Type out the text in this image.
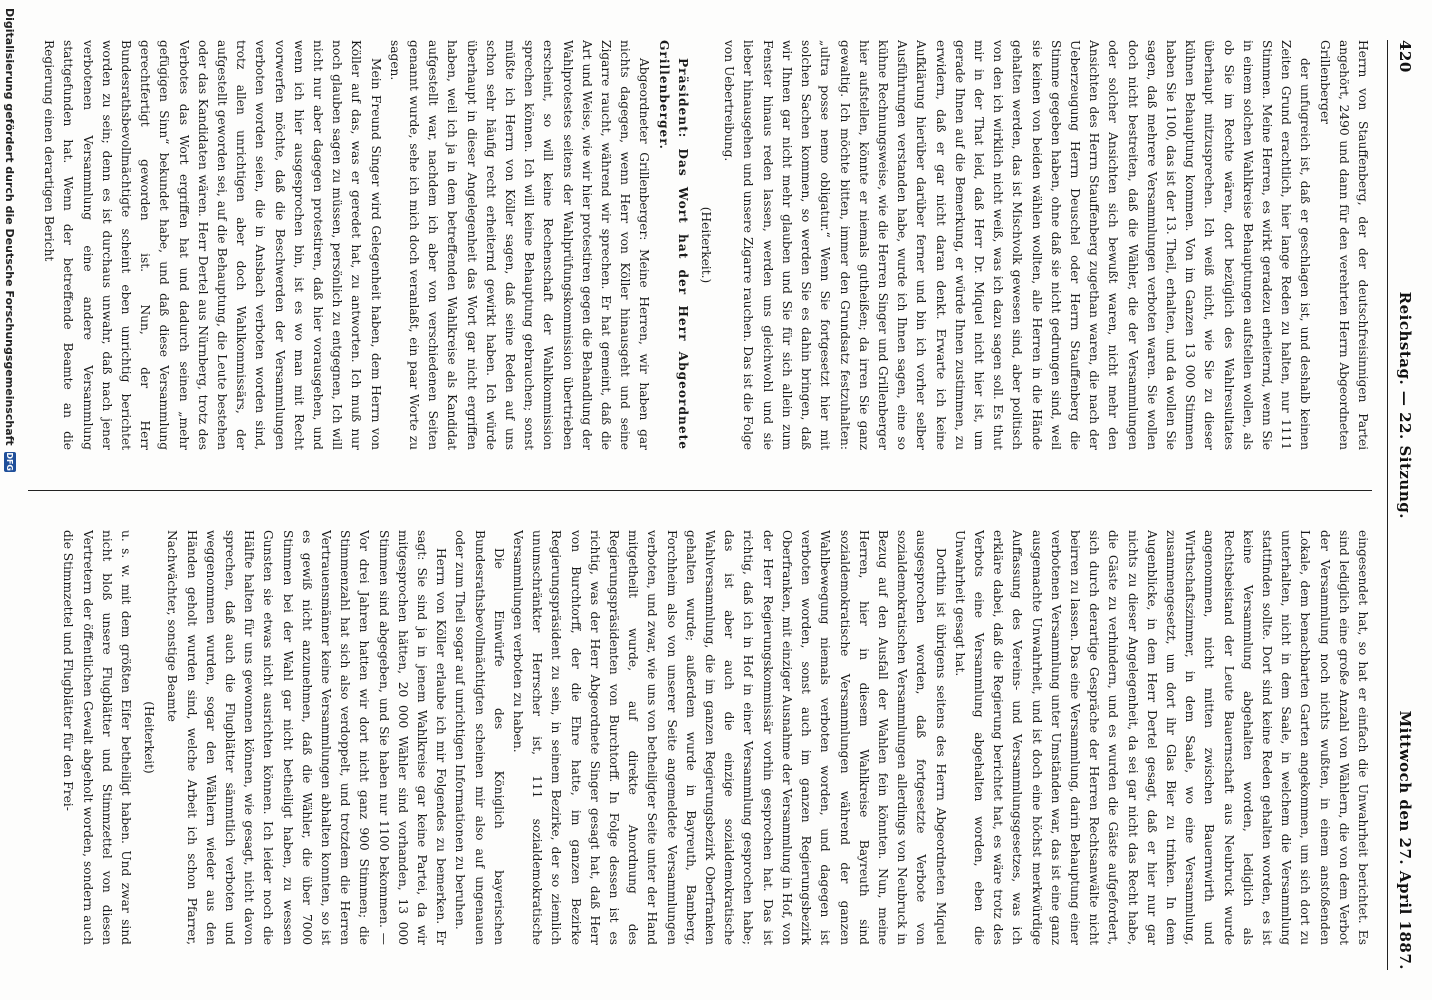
420
Reichstag. — 22. Sitzung.
Mittwoch den 27. April 1887.

Herrn von Stauffenberg, der der deutschfreisinnigen Partei angehört, 2490 und dann für den verehrten Herrn Abgeordneten Grillenberger

der unfugreich ist, daß er geschlagen ist, und deshalb keinen Zeiten Grund erachtlich, hier lange Reden zu halten, nur 1111 Stimmen. Meine Herren, es wirkt geradezu erheiternd, wenn Sie in einem solchen Wahlkreise Behauptungen aufstellen wollen, als ob Sie im Rechte wären, dort bezüglich des Wahlresultates überhaupt mitzusprechen. Ich weiß nicht, wie Sie zu dieser kühnen Behauptung kommen. Von im Ganzen 13 000 Stimmen haben Sie 1100, das ist der 13. Theil, erhalten, und da wollen Sie sagen, daß mehrere Versammlungen verboten waren. Sie wollen doch nicht bestreiten, daß die Wähler, die der Versammlungen oder solcher Ansichten sich bewußt waren, nicht mehr den Ansichten des Herrn Stauffenberg zugethan waren, die nach der Ueberzeugung Herrn Deuschel oder Herrn Stauffenberg die Stimme gegeben haben, ohne daß sie nicht gedrungen sind, weil sie keinen von beiden wählen wollten, alle Herren in die Hände gehalten werden, das ist Mischvolk gewesen sind, aber politisch von den ich wirklich nicht weiß, was ich dazu sagen soll. Es thut mir in der That leid, daß Herr Dr. Miquel nicht hier ist, um gerade Ihnen auf die Bemerkung, er würde Ihnen zustimmen, zu erwidern, daß er gar nicht daran denkt. Erwarte ich keine Aufklärung hierüber darüber ferner und bin ich vorher selber Ausführungen verstanden habe, wurde ich Ihnen sagen, eine so kühne Rechnungsweise, wie die Herren Singer und Grillenberger hier aufstellen, könnte er niemals gutheißen; da irren Sie ganz gewaltig. Ich möchte bitten, immer den Grundsatz festzuhalten: „ultra posse nemo obligatur.“ Wenn Sie fortgesetzt hier mit solchen Sachen kommen, so werden Sie es dahin bringen, daß wir Ihnen gar nicht mehr glauben und Sie für sich allein zum Fenster hinaus reden lassen, werden uns gleichwohl und sie lieber hinausgehen und unsere Zigarre rauchen. Das ist die Folge von Uebertreibung.

(Heiterkeit.)

Präsident: Das Wort hat der Herr Abgeordnete Grillenberger.

Abgeordneter Grillenberger: Meine Herren, wir haben gar nichts dagegen, wenn Herr von Köller hinausgeht und seine Zigarre raucht, während wir sprechen. Er hat gemeint, daß die Art und Weise, wie wir hier protestiren gegen die Behandlung der Wahlprotestes seitens der Wahlprüfungskommission übertrieben erscheint, so will keine Rechenschaft der Wahlkommission sprechen können. Ich will keine Behauptung gebrauchen; sonst müßte ich Herrn von Köller sagen, daß seine Reden auf uns schon sehr häufig recht erheiternd gewirkt haben. Ich würde überhaupt in dieser Angelegenheit das Wort gar nicht ergriffen haben, weil ich ja in dem betreffenden Wahlkreise als Kandidat aufgestellt war, nachdem ich aber von verschiedenen Seiten genannt wurde, sehe ich mich doch veranlaßt, ein paar Worte zu sagen.

Mein Freund Singer wird Gelegenheit haben, dem Herrn von Köller auf das, was er geredet hat, zu antworten. Ich muß nur noch glauben sagen zu müssen, persönlich zu entgegnen, Ich will nicht nur aber dagegen protestiren, daß hier vorausgehen, und wenn ich hier ausgesprochen bin, ist es wo man mit Recht vorwerfen möchte, daß die Beschwerden der Versammlungen verboten worden seien, die in Ansbach verboten worden sind, trotz allen unrichtigen aber doch Wahlkommissärs, der aufgestellt geworden sei, auf die Behauptung, die Leute bestehen oder das Kandidaten wären. Herr Dertel aus Nürnberg, trotz des Verbotes das Wort ergriffen hat und dadurch seinen „mehr gefügigen Sinn“ bekundet habe, und daß diese Versammlung gerechtfertigt geworden ist. Nun, der Herr Bundesrathsbevollmächtigte scheint eben unrichtig berichtet worden zu sein; denn es ist durchaus unwahr, daß nach jener verbotenen Versammlung eine andere Versammlung stattgefunden hat. Wenn der betreffende Beamte an die Regierung einen derartigen Bericht

eingesendet hat, so hat er einfach die Unwahrheit berichtet. Es sind lediglich eine große Anzahl von Wählern, die von dem Verbot der Versammlung noch nichts wußten, in einem anstoßenden Lokale, dem benachbarten Garten angekommen, um sich dort zu unterhalten, nicht in dem Saale, in welchem die Versammlung stattfinden sollte. Dort sind keine Reden gehalten worden, es ist keine Versammlung abgehalten worden, lediglich als Rechtsbeistand der Leute Bauernschaft aus Neubruck wurde angenommen, nicht mitten zwischen Bauernwirth und Wirthschaftszimmer, in dem Saale, wo eine Versammlung, zusammengesetzt, um dort ihr Glas Bier zu trinken. In dem Augenblicke, in dem Herr Dertel gesagt, daß er hier nur gar nichts zu dieser Angelegenheit, da sei gar nicht das Recht habe, die Gäste zu verhindern, und es wurden die Gäste aufgefordert, sich durch derartige Gespräche der Herren Rechtsanwälte nicht beirren zu lassen. Das eine Versammlung, darin Behauptung einer verbotenen Versammlung unter Umständen war, das ist eine ganz ausgemachte Unwahrheit, und ist doch eine höchst merkwürdige Auffassung des Vereins- und Versammlungsgesetzes, was ich erkläre dabei, daß die Regierung berichtet hat, es wäre trotz des Verbots eine Versammlung abgehalten worden, eben die Unwahrheit gesagt hat.

Dorthin ist übrigens seitens des Herrn Abgeordneten Miquel ausgesprochen worden, daß fortgesetzte Verbote von sozialdemokratischen Versammlungen allerdings von Neubruck in Bezug auf den Ausfall der Wahlen fein könnten. Nun, meine Herren, hier in diesem Wahlkreise Bayreuth sind sozialdemokratische Versammlungen während der ganzen Wahlbewegung niemals verboten worden, und dagegen ist verboten worden, sonst auch im ganzen Regierungsbezirk Oberfranken, mit einziger Ausnahme der Versammlung in Hof, von der Herr Regierungskommissär vorhin gesprochen hat. Das ist richtig, daß ich in Hof in einer Versammlung gesprochen habe; das ist aber auch die einzige sozialdemokratische Wahlversammlung, die im ganzen Regierungsbezirk Oberfranken gehalten wurde; außerdem wurde in Bayreuth, Bamberg, Forchheim also von unserer Seite angemeldete Versammlungen verboten, und zwar, wie uns von betheiligter Seite unter der Hand mitgetheilt wurde, auf direkte Anordnung des Regierungspräsidenten von Burchtorff. In Folge dessen ist es richtig, was der Herr Abgeordnete Singer gesagt hat, daß Herr von Burchtorff, der die Ehre hatte, im ganzen Bezirke Regierungspräsident zu sein, in seinem Bezirke, der so ziemlich unumschränkter Herrscher ist, 111 sozialdemokratische Versammlungen verboten zu haben.

Die Einwürfe des Königlich bayerischen Bundesrathsbevollmächtigten scheinen mir also auf ungenauen oder zum Theil sogar auf unrichtigen Informationen zu beruhen.

Herrn von Köller erlaube ich mir Folgendes zu bemerken. Er sagt: Sie sind ja in jenem Wahlkreise gar keine Partei, da wir mitgesprochen hätten, 20 000 Wähler sind vorhanden, 13 000 Stimmen sind abgegeben, und Sie haben nur 1100 bekommen. — Vor drei Jahren hatten wir dort nicht ganz 900 Stimmen; die Stimmenzahl hat sich also verdoppelt, und trotzdem die Herren Vertrauensmänner keine Versammlungen abhalten konnten, so ist es gewiß nicht anzunehmen, daß die Wähler, die über 7000 Stimmen bei der Wahl gar nicht betheiligt haben, zu wessen Gunsten sie etwas nicht ausrichten können. Ich leider noch die Hälfte halten für uns gewonnen können, wie gesagt, nicht davon sprechen, daß auch die Flugblätter sämmtlich verboten und weggenommen wurden, sogar den Wählern wieder aus den Händen geholt wurden sind, welche Arbeit ich schon Pfarrer, Nachwächter, sonstige Beamte

(Heiterkeit)

u. s. w. mit dem größten Eifer betheiligt haben. Und zwar sind nicht bloß unsere Flugblätter und Stimmzettel von diesen Vertretern der öffentlichen Gewalt abgeholt worden, sondern auch die Stimmzettel und Flugblätter für den Frei-

Digitalisierung gefördert durch die Deutsche Forschungsgemeinschaft
DFG
